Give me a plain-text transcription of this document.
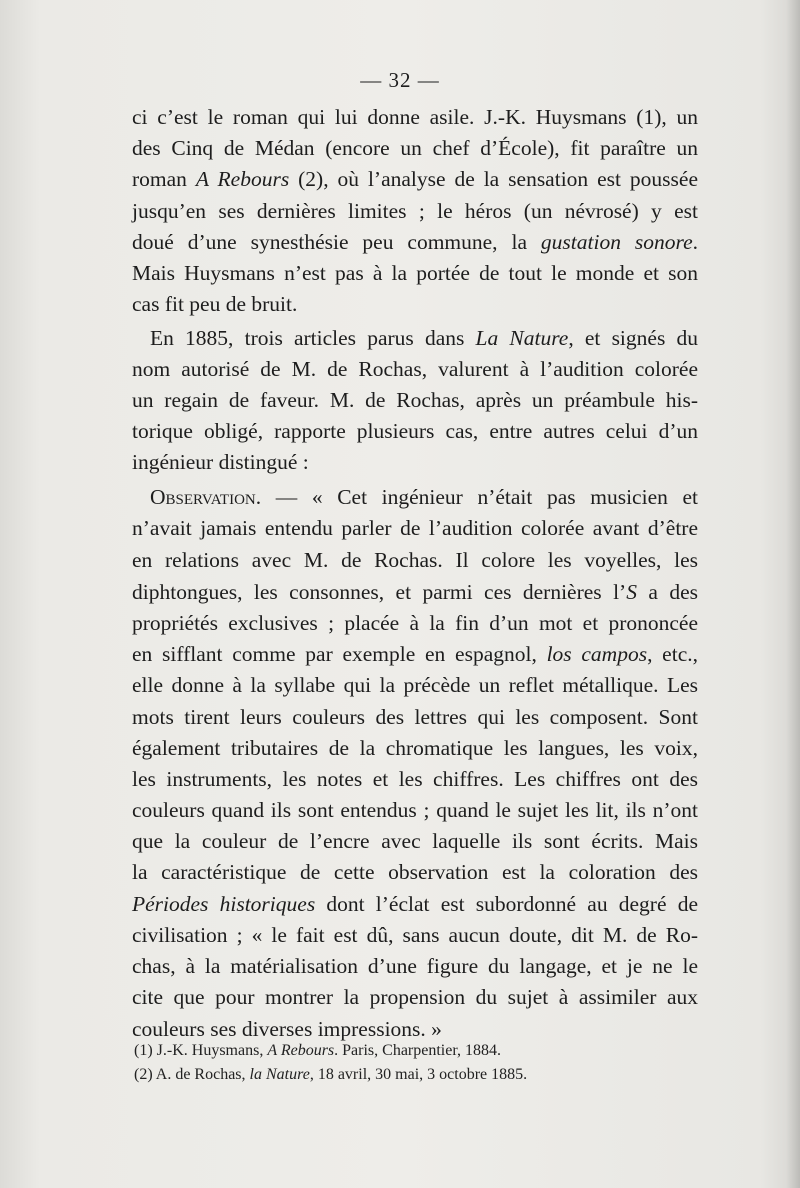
— 32 —
ci c’est le roman qui lui donne asile. J.-K. Huysmans (1), un
des Cinq de Médan (encore un chef d’École), fit paraître un
roman A Rebours (2), où l’analyse de la sensation est poussée
jusqu’en ses dernières limites ; le héros (un névrosé) y est
doué d’une synesthésie peu commune, la gustation sonore.
Mais Huysmans n’est pas à la portée de tout le monde et son
cas fit peu de bruit.
En 1885, trois articles parus dans La Nature, et signés du
nom autorisé de M. de Rochas, valurent à l’audition colorée
un regain de faveur. M. de Rochas, après un préambule his-
torique obligé, rapporte plusieurs cas, entre autres celui d’un
ingénieur distingué :
Observation. — « Cet ingénieur n’était pas musicien et
n’avait jamais entendu parler de l’audition colorée avant d’être
en relations avec M. de Rochas. Il colore les voyelles, les
diphtongues, les consonnes, et parmi ces dernières l’S a des
propriétés exclusives ; placée à la fin d’un mot et prononcée
en sifflant comme par exemple en espagnol, los campos, etc.,
elle donne à la syllabe qui la précède un reflet métallique. Les
mots tirent leurs couleurs des lettres qui les composent. Sont
également tributaires de la chromatique les langues, les voix,
les instruments, les notes et les chiffres. Les chiffres ont des
couleurs quand ils sont entendus ; quand le sujet les lit, ils n’ont
que la couleur de l’encre avec laquelle ils sont écrits. Mais
la caractéristique de cette observation est la coloration des
Périodes historiques dont l’éclat est subordonné au degré de
civilisation ; « le fait est dû, sans aucun doute, dit M. de Ro-
chas, à la matérialisation d’une figure du langage, et je ne le
cite que pour montrer la propension du sujet à assimiler aux
couleurs ses diverses impressions. »
(1) J.-K. Huysmans, A Rebours. Paris, Charpentier, 1884.
(2) A. de Rochas, la Nature, 18 avril, 30 mai, 3 octobre 1885.
